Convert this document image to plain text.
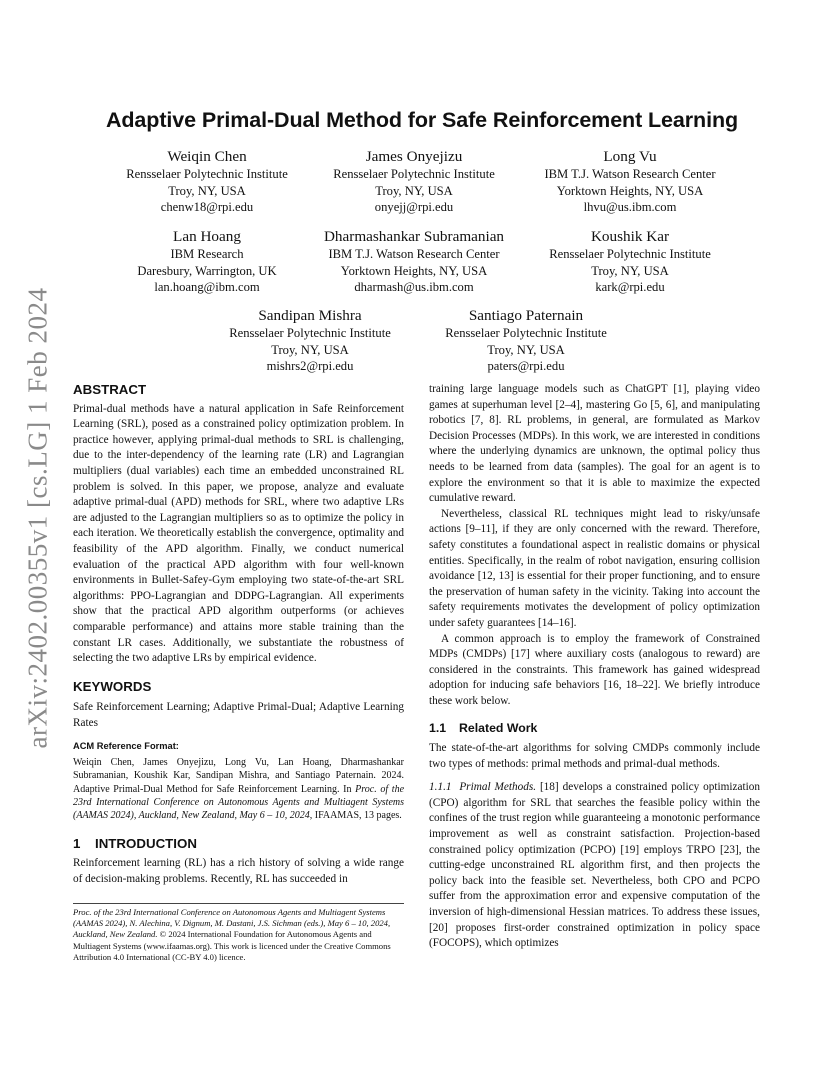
arXiv:2402.00355v1 [cs.LG] 1 Feb 2024
Adaptive Primal-Dual Method for Safe Reinforcement Learning
Weiqin Chen
Rensselaer Polytechnic Institute
Troy, NY, USA
chenw18@rpi.edu
James Onyejizu
Rensselaer Polytechnic Institute
Troy, NY, USA
onyejj@rpi.edu
Long Vu
IBM T.J. Watson Research Center
Yorktown Heights, NY, USA
lhvu@us.ibm.com
Lan Hoang
IBM Research
Daresbury, Warrington, UK
lan.hoang@ibm.com
Dharmashankar Subramanian
IBM T.J. Watson Research Center
Yorktown Heights, NY, USA
dharmash@us.ibm.com
Koushik Kar
Rensselaer Polytechnic Institute
Troy, NY, USA
kark@rpi.edu
Sandipan Mishra
Rensselaer Polytechnic Institute
Troy, NY, USA
mishrs2@rpi.edu
Santiago Paternain
Rensselaer Polytechnic Institute
Troy, NY, USA
paters@rpi.edu
ABSTRACT

Primal-dual methods have a natural application in Safe Reinforcement Learning (SRL), posed as a constrained policy optimization problem. In practice however, applying primal-dual methods to SRL is challenging, due to the inter-dependency of the learning rate (LR) and Lagrangian multipliers (dual variables) each time an embedded unconstrained RL problem is solved. In this paper, we propose, analyze and evaluate adaptive primal-dual (APD) methods for SRL, where two adaptive LRs are adjusted to the Lagrangian multipliers so as to optimize the policy in each iteration. We theoretically establish the convergence, optimality and feasibility of the APD algorithm. Finally, we conduct numerical evaluation of the practical APD algorithm with four well-known environments in Bullet-Safey-Gym employing two state-of-the-art SRL algorithms: PPO-Lagrangian and DDPG-Lagrangian. All experiments show that the practical APD algorithm outperforms (or achieves comparable performance) and attains more stable training than the constant LR cases. Additionally, we substantiate the robustness of selecting the two adaptive LRs by empirical evidence.

KEYWORDS

Safe Reinforcement Learning; Adaptive Primal-Dual; Adaptive Learning Rates

ACM Reference Format:

Weiqin Chen, James Onyejizu, Long Vu, Lan Hoang, Dharmashankar Subramanian, Koushik Kar, Sandipan Mishra, and Santiago Paternain. 2024. Adaptive Primal-Dual Method for Safe Reinforcement Learning. In Proc. of the 23rd International Conference on Autonomous Agents and Multiagent Systems (AAMAS 2024), Auckland, New Zealand, May 6 – 10, 2024, IFAAMAS, 13 pages.

1 INTRODUCTION

Reinforcement learning (RL) has a rich history of solving a wide range of decision-making problems. Recently, RL has succeeded in

Proc. of the 23rd International Conference on Autonomous Agents and Multiagent Systems (AAMAS 2024), N. Alechina, V. Dignum, M. Dastani, J.S. Sichman (eds.), May 6 – 10, 2024, Auckland, New Zealand. © 2024 International Foundation for Autonomous Agents and Multiagent Systems (www.ifaamas.org). This work is licenced under the Creative Commons Attribution 4.0 International (CC-BY 4.0) licence.

training large language models such as ChatGPT [1], playing video games at superhuman level [2–4], mastering Go [5, 6], and manipulating robotics [7, 8]. RL problems, in general, are formulated as Markov Decision Processes (MDPs). In this work, we are interested in conditions where the underlying dynamics are unknown, the optimal policy thus needs to be learned from data (samples). The goal for an agent is to explore the environment so that it is able to maximize the expected cumulative reward.

Nevertheless, classical RL techniques might lead to risky/unsafe actions [9–11], if they are only concerned with the reward. Therefore, safety constitutes a foundational aspect in realistic domains or physical entities. Specifically, in the realm of robot navigation, ensuring collision avoidance [12, 13] is essential for their proper functioning, and to ensure the preservation of human safety in the vicinity. Taking into account the safety requirements motivates the development of policy optimization under safety guarantees [14–16].

A common approach is to employ the framework of Constrained MDPs (CMDPs) [17] where auxiliary costs (analogous to reward) are considered in the constraints. This framework has gained widespread adoption for inducing safe behaviors [16, 18–22]. We briefly introduce these work below.

1.1 Related Work

The state-of-the-art algorithms for solving CMDPs commonly include two types of methods: primal methods and primal-dual methods.

1.1.1 Primal Methods. [18] develops a constrained policy optimization (CPO) algorithm for SRL that searches the feasible policy within the confines of the trust region while guaranteeing a monotonic performance improvement as well as constraint satisfaction. Projection-based constrained policy optimization (PCPO) [19] employs TRPO [23], the cutting-edge unconstrained RL algorithm first, and then projects the policy back into the feasible set. Nevertheless, both CPO and PCPO suffer from the approximation error and expensive computation of the inversion of high-dimensional Hessian matrices. To address these issues, [20] proposes first-order constrained optimization in policy space (FOCOPS), which optimizes
